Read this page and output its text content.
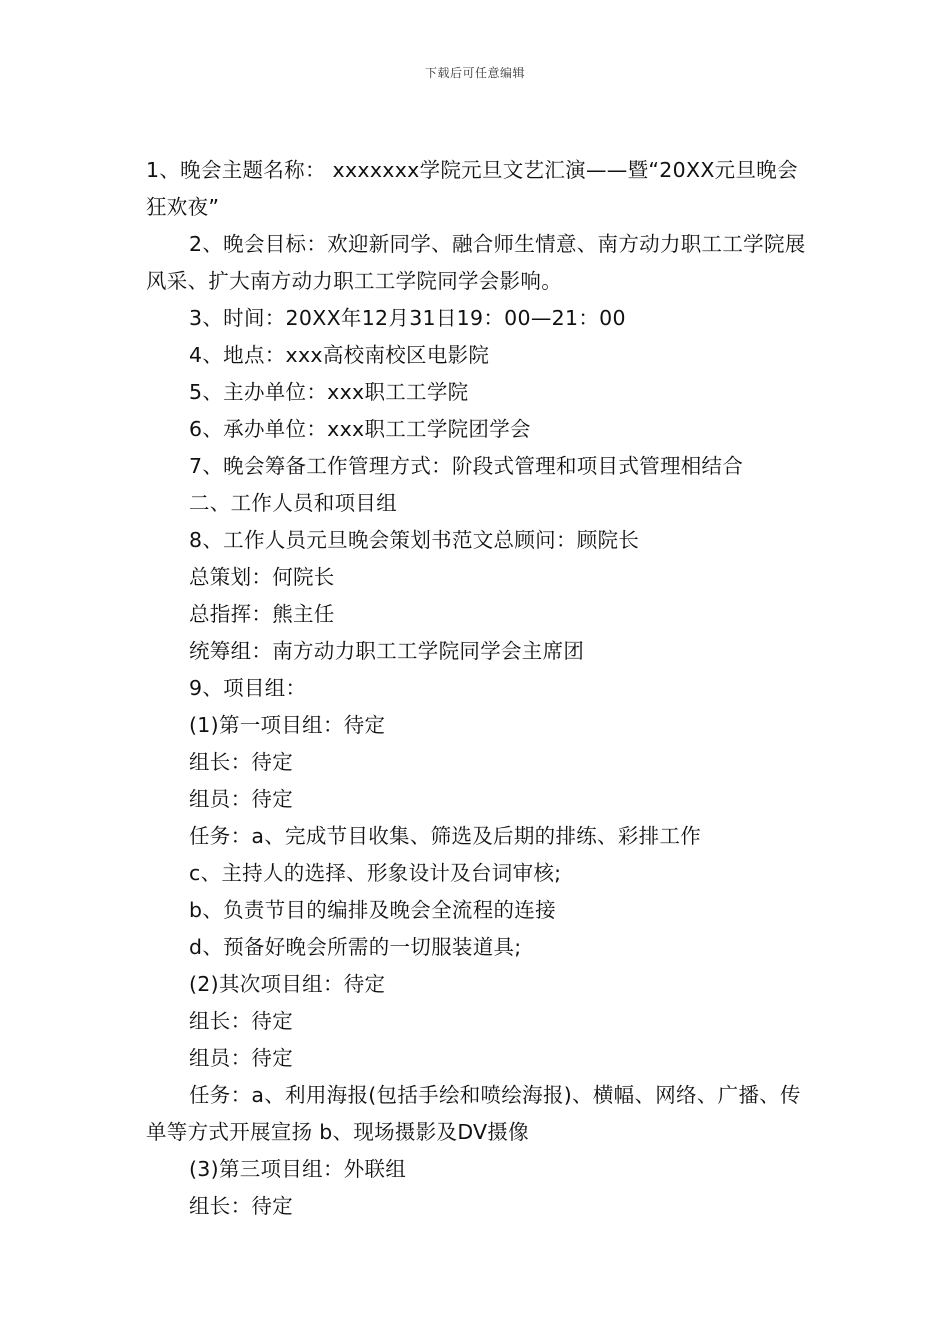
下载后可任意编辑

1、晚会主题名称： xxxxxxx学院元旦文艺汇演——暨“20XX元旦晚会狂欢夜”

2、晚会目标：欢迎新同学、融合师生情意、南方动力职工工学院展风采、扩大南方动力职工工学院同学会影响。

3、时间：20XX年12月31日19：00—21：00

4、地点：xxx高校南校区电影院

5、主办单位：xxx职工工学院

6、承办单位：xxx职工工学院团学会

7、晚会筹备工作管理方式：阶段式管理和项目式管理相结合

二、工作人员和项目组

8、工作人员元旦晚会策划书范文总顾问：顾院长

总策划：何院长

总指挥：熊主任

统筹组：南方动力职工工学院同学会主席团

9、项目组：

(1)第一项目组：待定

组长：待定

组员：待定

任务：a、完成节目收集、筛选及后期的排练、彩排工作

c、主持人的选择、形象设计及台词审核;

b、负责节目的编排及晚会全流程的连接

d、预备好晚会所需的一切服装道具;

(2)其次项目组：待定

组长：待定

组员：待定

任务：a、利用海报(包括手绘和喷绘海报)、横幅、网络、广播、传单等方式开展宣扬 b、现场摄影及DV摄像

(3)第三项目组：外联组

组长：待定
